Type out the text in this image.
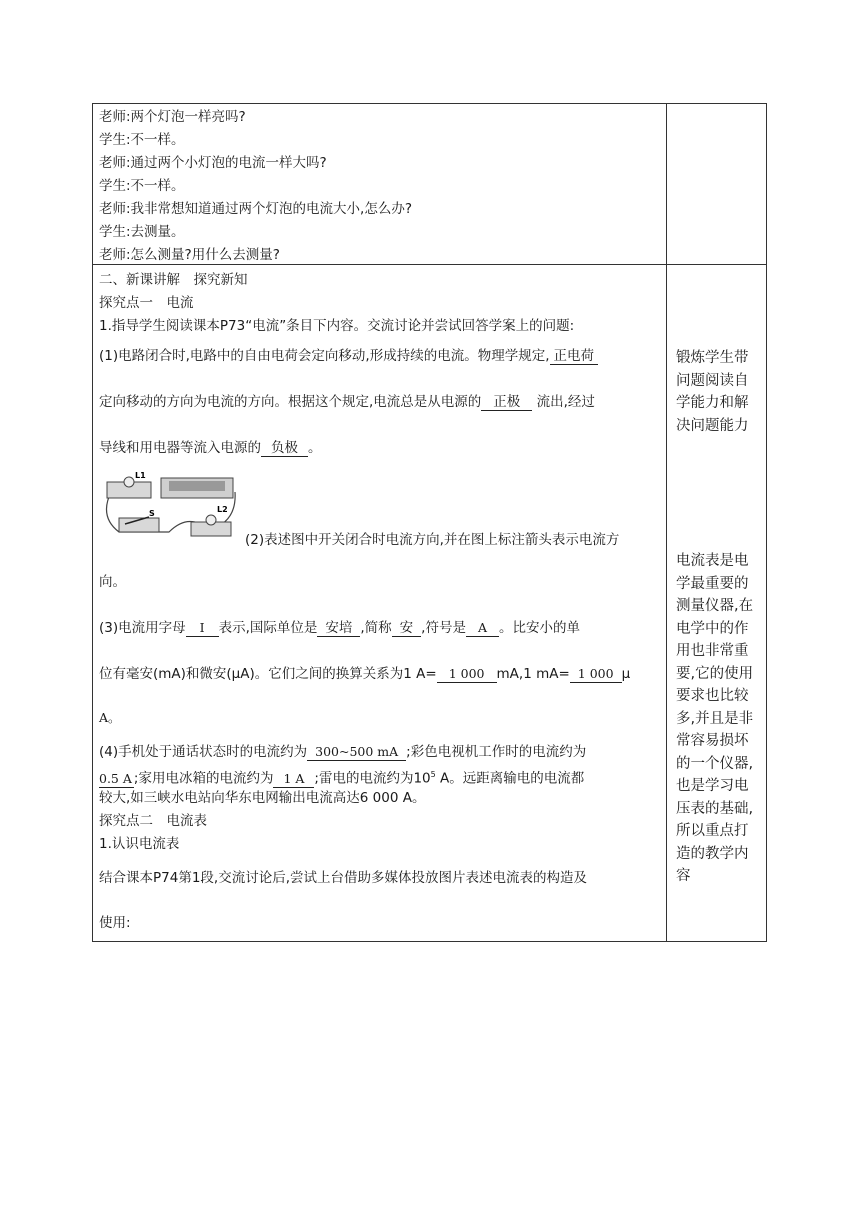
老师:两个灯泡一样亮吗?
学生:不一样。
老师:通过两个小灯泡的电流一样大吗?
学生:不一样。
老师:我非常想知道通过两个灯泡的电流大小,怎么办?
学生:去测量。
老师:怎么测量?用什么去测量?
二、新课讲解　探究新知
探究点一　电流
1.指导学生阅读课本P73“电流”条目下内容。交流讨论并尝试回答学案上的问题:
(1)电路闭合时,电路中的自由电荷会定向移动,形成持续的电流。物理学规定, 正电荷
定向移动的方向为电流的方向。根据这个规定,电流总是从电源的 正极 流出,经过
导线和用电器等流入电源的 负极 。
L1
S	L2
(2)表述图中开关闭合时电流方向,并在图上标注箭头表示电流方
向。
(3)电流用字母 I 表示,国际单位是 安培 ,简称 安 ,符号是 A 。比安小的单
位有毫安(mA)和微安(μA)。它们之间的换算关系为1 A= 1 000 mA,1 mA= 1 000 μ
A。
(4)手机处于通话状态时的电流约为 300~500 mA ;彩色电视机工作时的电流约为
0.5 A ;家用电冰箱的电流约为 1 A ;雷电的电流约为$10^5$ A。远距离输电的电流都
较大,如三峡水电站向华东电网输出电流高达6 000 A。
探究点二　电流表
1.认识电流表
结合课本P74第1段,交流讨论后,尝试上台借助多媒体投放图片表述电流表的构造及
使用:
锻炼学生带
问题阅读自
学能力和解
决问题能力
电流表是电
学最重要的
测量仪器,在
电学中的作
用也非常重
要,它的使用
要求也比较
多,并且是非
常容易损坏
的一个仪器,
也是学习电
压表的基础,
所以重点打
造的教学内
容
